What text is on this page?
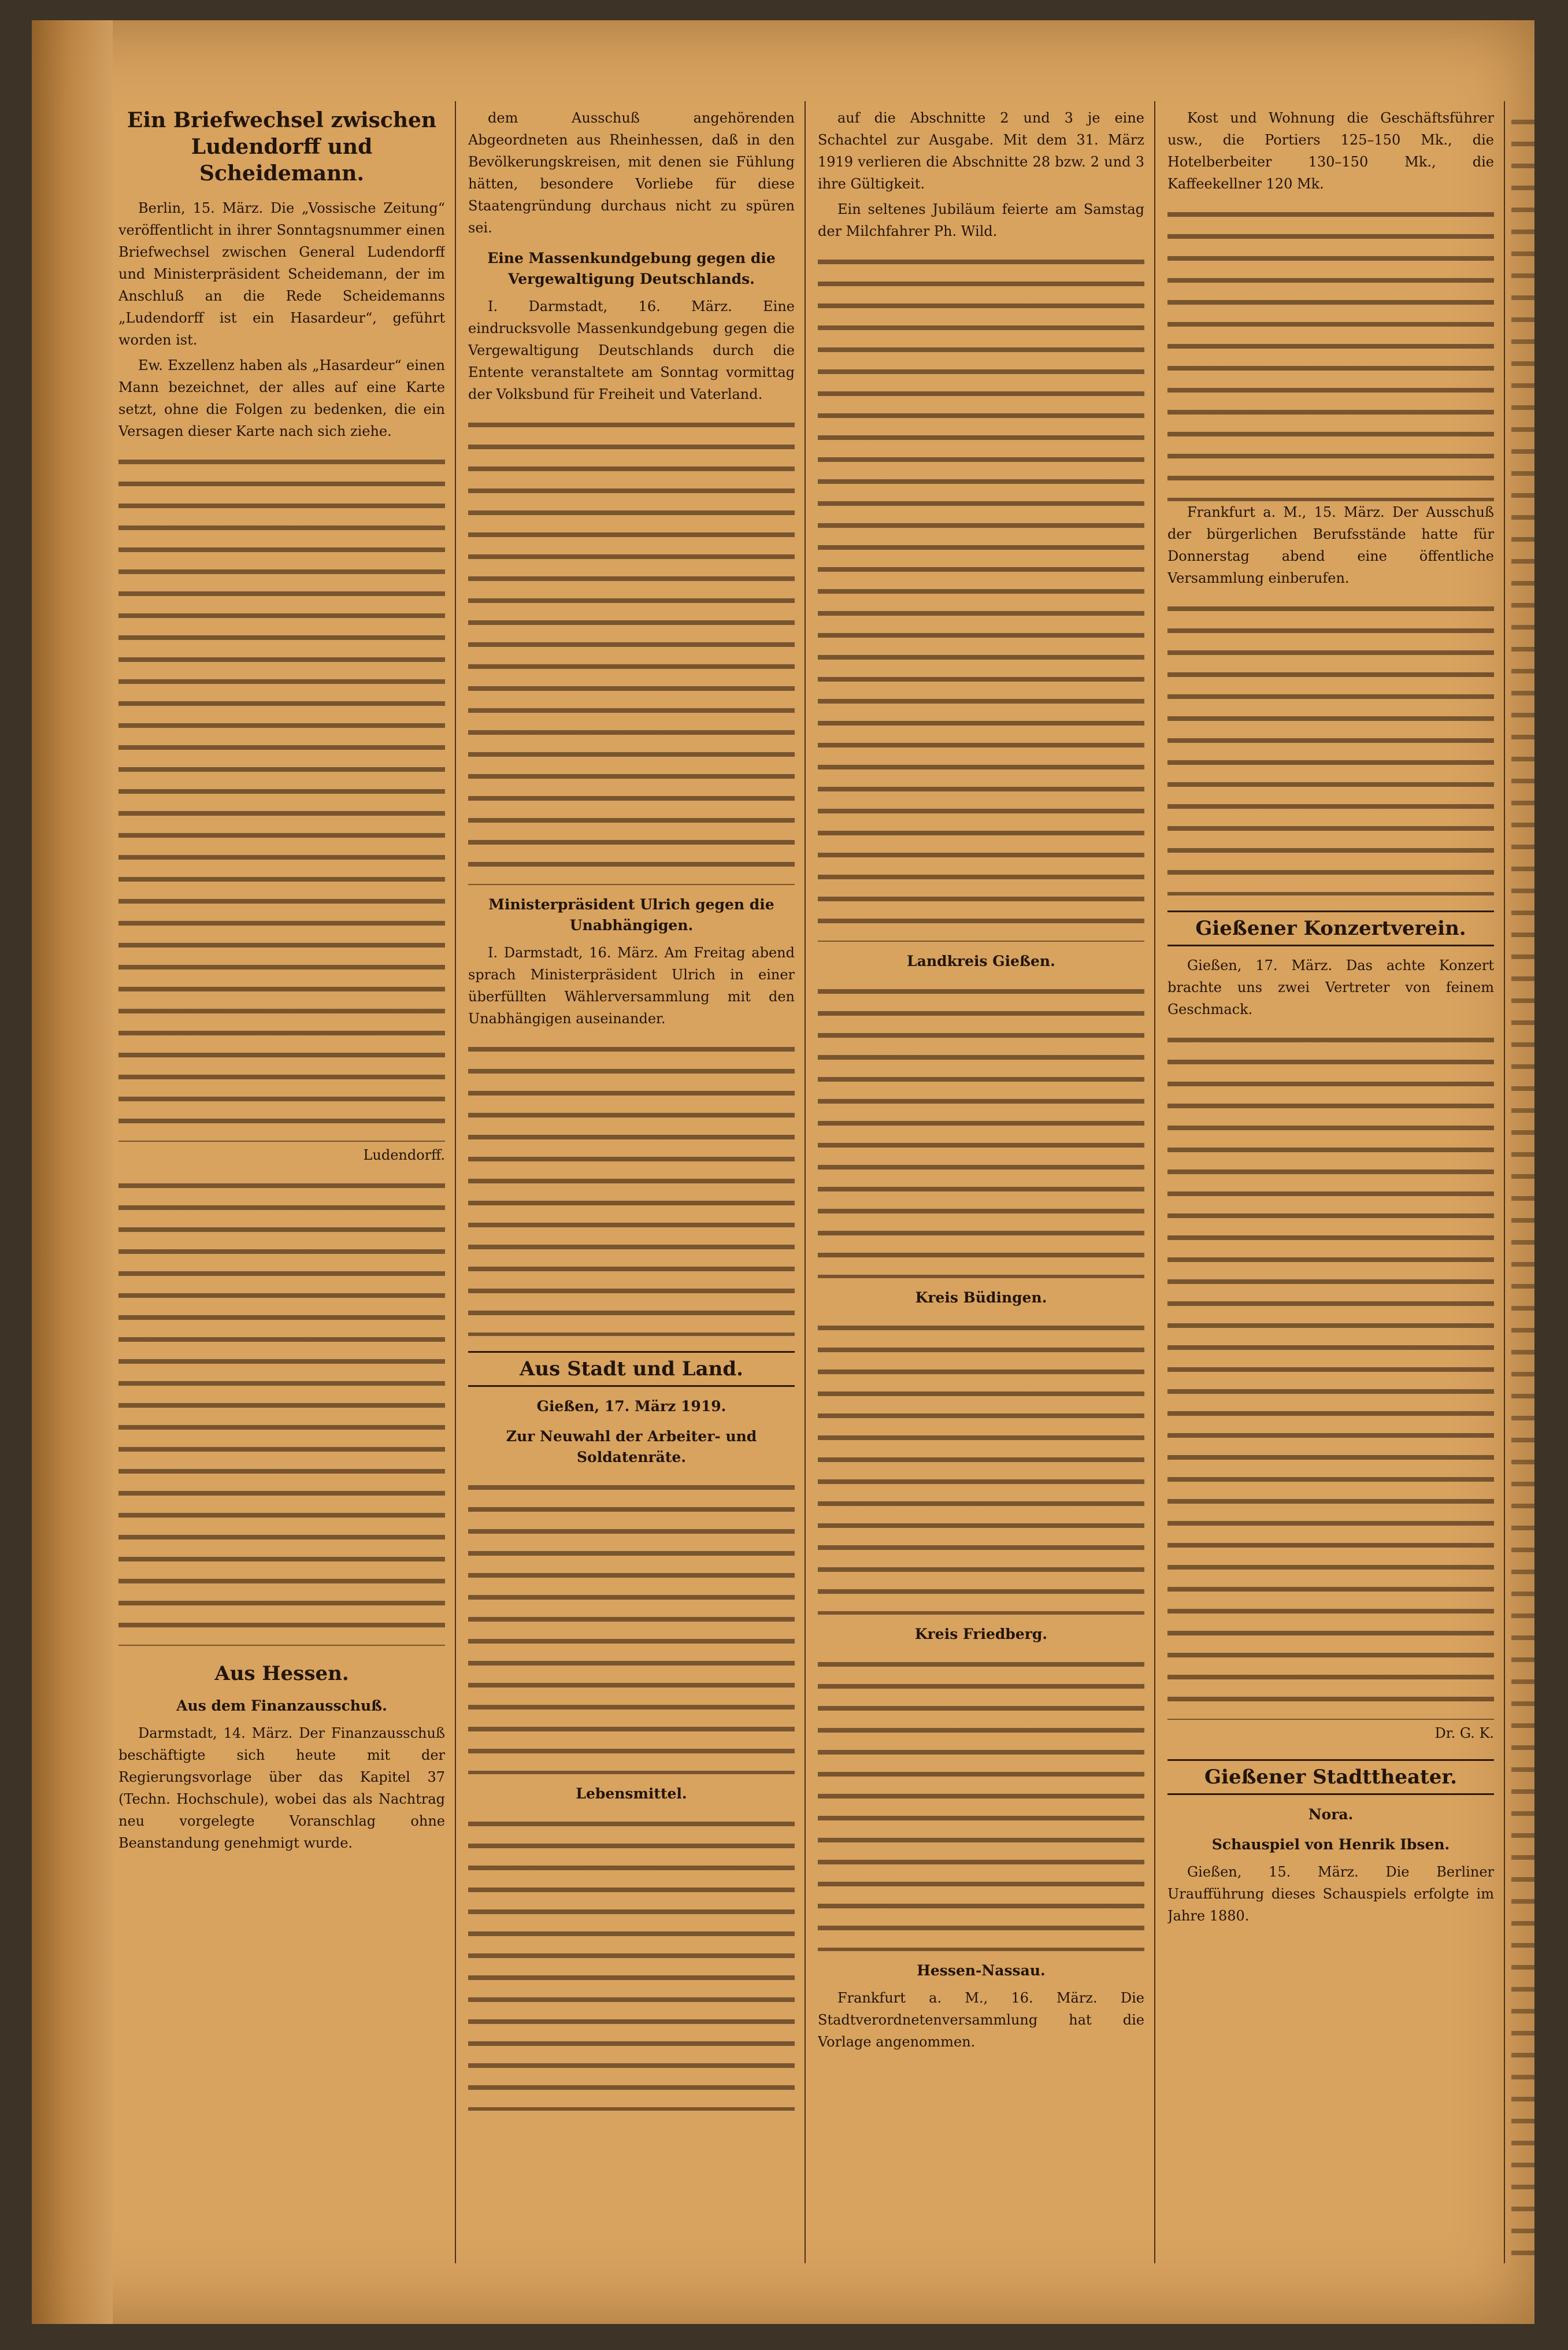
Ein Briefwechsel zwischen Ludendorff und Scheidemann.

Berlin, 15. März. Die „Vossische Zeitung“ veröffentlicht in ihrer Sonntagsnummer einen Briefwechsel zwischen General Ludendorff und Ministerpräsident Scheidemann, der im Anschluß an die Rede Scheidemanns „Ludendorff ist ein Hasardeur“, geführt worden ist.

Ew. Exzellenz haben als „Hasardeur“ einen Mann bezeichnet, der alles auf eine Karte setzt, ohne die Folgen zu bedenken, die ein Versagen dieser Karte nach sich ziehe.

Ludendorff.

Aus Hessen.
Aus dem Finanzausschuß.

Darmstadt, 14. März. Der Finanzausschuß beschäftigte sich heute mit der Regierungsvorlage über das Kapitel 37 (Techn. Hochschule), wobei das als Nachtrag neu vorgelegte Voranschlag ohne Beanstandung genehmigt wurde.

dem Ausschuß angehörenden Abgeordneten aus Rheinhessen, daß in den Bevölkerungskreisen, mit denen sie Fühlung hätten, besondere Vorliebe für diese Staatengründung durchaus nicht zu spüren sei.

Eine Massenkundgebung gegen die Vergewaltigung Deutschlands.

I. Darmstadt, 16. März. Eine eindrucksvolle Massenkundgebung gegen die Vergewaltigung Deutschlands durch die Entente veranstaltete am Sonntag vormittag der Volksbund für Freiheit und Vaterland.

Ministerpräsident Ulrich gegen die Unabhängigen.

I. Darmstadt, 16. März. Am Freitag abend sprach Ministerpräsident Ulrich in einer überfüllten Wählerversammlung mit den Unabhängigen auseinander.

Aus Stadt und Land.
Gießen, 17. März 1919.
Zur Neuwahl der Arbeiter- und Soldatenräte.
Lebensmittel.

auf die Abschnitte 2 und 3 je eine Schachtel zur Ausgabe. Mit dem 31. März 1919 verlieren die Abschnitte 28 bzw. 2 und 3 ihre Gültigkeit.

Ein seltenes Jubiläum feierte am Samstag der Milchfahrer Ph. Wild.

Landkreis Gießen.
Kreis Büdingen.
Kreis Friedberg.
Hessen-Nassau.

Frankfurt a. M., 16. März. Die Stadtverordnetenversammlung hat die Vorlage angenommen.

Kost und Wohnung die Geschäftsführer usw., die Portiers 125–150 Mk., die Hotelberbeiter 130–150 Mk., die Kaffeekellner 120 Mk.

Frankfurt a. M., 15. März. Der Ausschuß der bürgerlichen Berufsstände hatte für Donnerstag abend eine öffentliche Versammlung einberufen.

Gießener Konzertverein.

Gießen, 17. März. Das achte Konzert brachte uns zwei Vertreter von feinem Geschmack.

Dr. G. K.

Gießener Stadttheater.
Nora.
Schauspiel von Henrik Ibsen.

Gießen, 15. März. Die Berliner Uraufführung dieses Schauspiels erfolgte im Jahre 1880.
